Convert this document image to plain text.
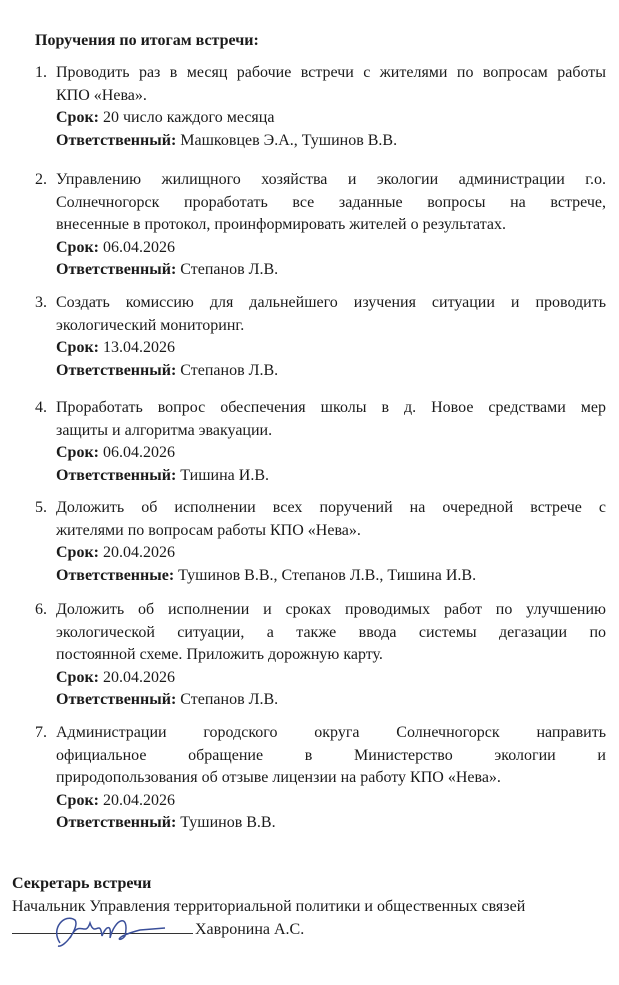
Поручения по итогам встречи:
1. Проводить раз в месяц рабочие встречи с жителями по вопросам работы
КПО «Нева».
Срок: 20 число каждого месяца
Ответственный: Машковцев Э.А., Тушинов В.В.
2. Управлению жилищного хозяйства и экологии администрации г.о.
Солнечногорск проработать все заданные вопросы на встрече,
внесенные в протокол, проинформировать жителей о результатах.
Срок: 06.04.2026
Ответственный: Степанов Л.В.
3. Создать комиссию для дальнейшего изучения ситуации и проводить
экологический мониторинг.
Срок: 13.04.2026
Ответственный: Степанов Л.В.
4. Проработать вопрос обеспечения школы в д. Новое средствами мер
защиты и алгоритма эвакуации.
Срок: 06.04.2026
Ответственный: Тишина И.В.
5. Доложить об исполнении всех поручений на очередной встрече с
жителями по вопросам работы КПО «Нева».
Срок: 20.04.2026
Ответственные: Тушинов В.В., Степанов Л.В., Тишина И.В.
6. Доложить об исполнении и сроках проводимых работ по улучшению
экологической ситуации, а также ввода системы дегазации по
постоянной схеме. Приложить дорожную карту.
Срок: 20.04.2026
Ответственный: Степанов Л.В.
7. Администрации городского округа Солнечногорск направить
официальное обращение в Министерство экологии и
природопользования об отзыве лицензии на работу КПО «Нева».
Срок: 20.04.2026
Ответственный: Тушинов В.В.
Секретарь встречи
Начальник Управления территориальной политики и общественных связей
Хавронина А.С.
